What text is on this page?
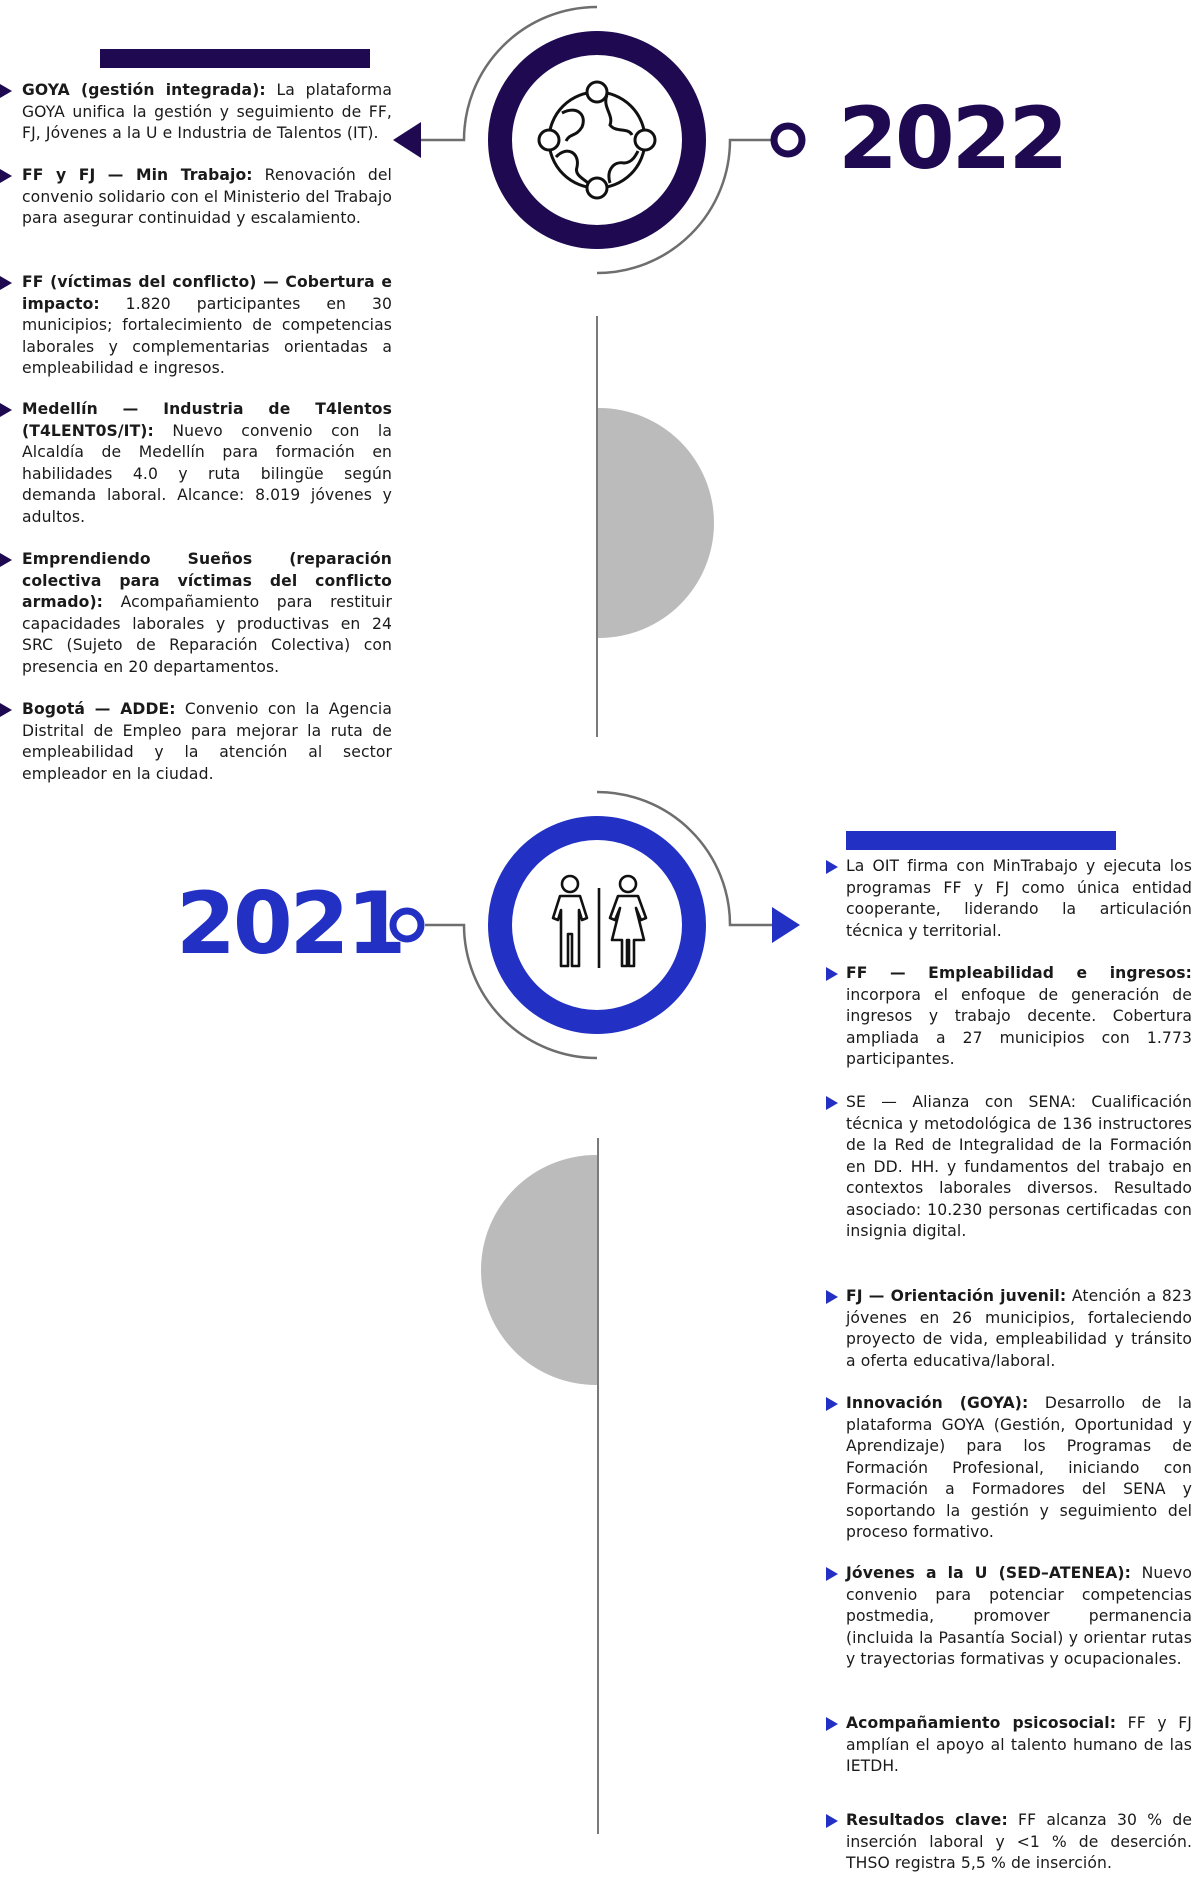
2022
GOYA (gestión integrada): La plataforma GOYA unifica la gestión y seguimiento de FF, FJ, Jóvenes a la U e Industria de Talentos (IT).
FF y FJ — Min Trabajo: Renovación del convenio solidario con el Ministerio del Trabajo para asegurar continuidad y escalamiento.
FF (víctimas del conflicto) — Cobertura e impacto: 1.820 participantes en 30 municipios; fortalecimiento de competencias laborales y complementarias orientadas a empleabilidad e ingresos.
Medellín — Industria de T4lentos (T4LENT0S/IT): Nuevo convenio con la Alcaldía de Medellín para formación en habilidades 4.0 y ruta bilingüe según demanda laboral. Alcance: 8.019 jóvenes y adultos.
Emprendiendo Sueños (reparación colectiva para víctimas del conflicto armado): Acompañamiento para restituir capacidades laborales y productivas en 24 SRC (Sujeto de Reparación Colectiva) con presencia en 20 departamentos.
Bogotá — ADDE: Convenio con la Agencia Distrital de Empleo para mejorar la ruta de empleabilidad y la atención al sector empleador en la ciudad.
2021
La OIT firma con MinTrabajo y ejecuta los programas FF y FJ como única entidad cooperante, liderando la articulación técnica y territorial.
FF — Empleabilidad e ingresos: incorpora el enfoque de generación de ingresos y trabajo decente. Cobertura ampliada a 27 municipios con 1.773 participantes.
SE — Alianza con SENA: Cualificación técnica y metodológica de 136 instructores de la Red de Integralidad de la Formación en DD. HH. y fundamentos del trabajo en contextos laborales diversos. Resultado asociado: 10.230 personas certificadas con insignia digital.
FJ — Orientación juvenil: Atención a 823 jóvenes en 26 municipios, fortaleciendo proyecto de vida, empleabilidad y tránsito a oferta educativa/laboral.
Innovación (GOYA): Desarrollo de la plataforma GOYA (Gestión, Oportunidad y Aprendizaje) para los Programas de Formación Profesional, iniciando con Formación a Formadores del SENA y soportando la gestión y seguimiento del proceso formativo.
Jóvenes a la U (SED–ATENEA): Nuevo convenio para potenciar competencias postmedia, promover permanencia (incluida la Pasantía Social) y orientar rutas y trayectorias formativas y ocupacionales.
Acompañamiento psicosocial: FF y FJ amplían el apoyo al talento humano de las IETDH.
Resultados clave: FF alcanza 30 % de inserción laboral y <1 % de deserción. THSO registra 5,5 % de inserción.
